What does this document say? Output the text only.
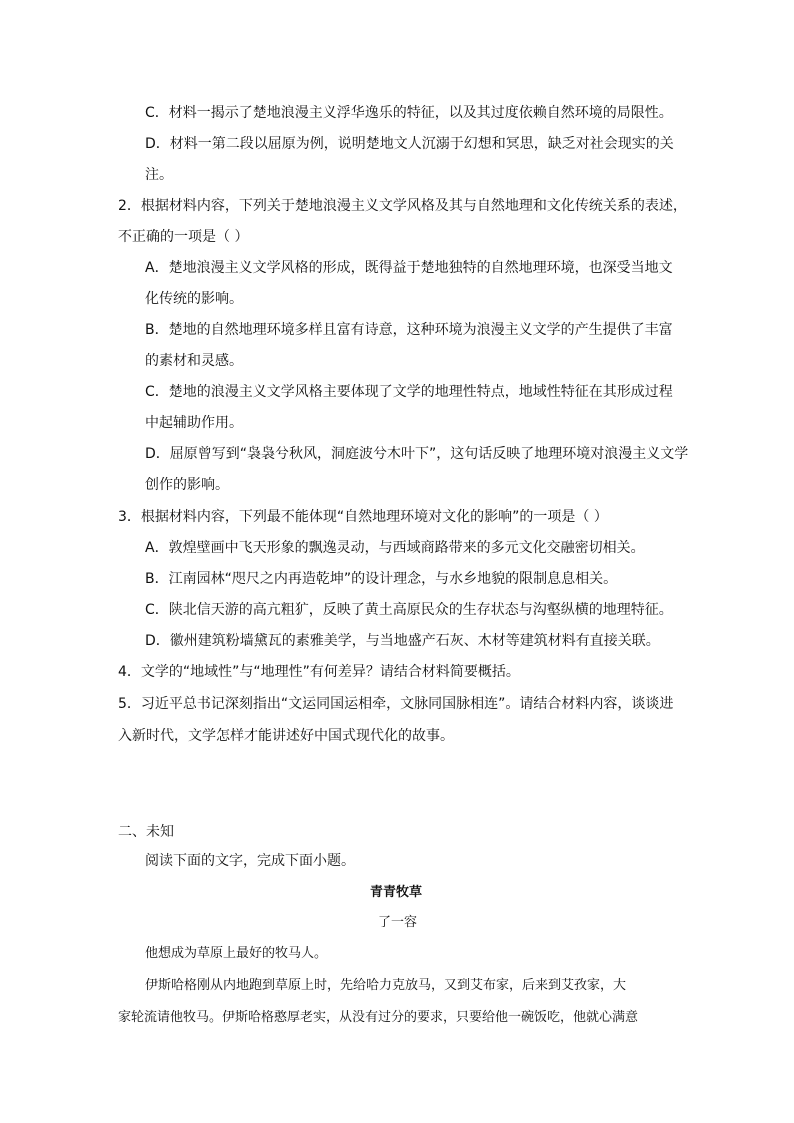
C．材料一揭示了楚地浪漫主义浮华逸乐的特征，以及其过度依赖自然环境的局限性。
D．材料一第二段以屈原为例，说明楚地文人沉溺于幻想和冥思，缺乏对社会现实的关
注。
2．根据材料内容，下列关于楚地浪漫主义文学风格及其与自然地理和文化传统关系的表述，
不正确的一项是（ ）
A．楚地浪漫主义文学风格的形成，既得益于楚地独特的自然地理环境，也深受当地文
化传统的影响。
B．楚地的自然地理环境多样且富有诗意，这种环境为浪漫主义文学的产生提供了丰富
的素材和灵感。
C．楚地的浪漫主义文学风格主要体现了文学的地理性特点，地域性特征在其形成过程
中起辅助作用。
D．屈原曾写到“袅袅兮秋风，洞庭波兮木叶下”，这句话反映了地理环境对浪漫主义文学
创作的影响。
3．根据材料内容，下列最不能体现“自然地理环境对文化的影响”的一项是（ ）
A．敦煌壁画中飞天形象的飘逸灵动，与西域商路带来的多元文化交融密切相关。
B．江南园林“咫尺之内再造乾坤”的设计理念，与水乡地貌的限制息息相关。
C．陕北信天游的高亢粗犷，反映了黄土高原民众的生存状态与沟壑纵横的地理特征。
D．徽州建筑粉墙黛瓦的素雅美学，与当地盛产石灰、木材等建筑材料有直接关联。
4．文学的“地域性”与“地理性”有何差异？请结合材料简要概括。
5．习近平总书记深刻指出“文运同国运相牵，文脉同国脉相连”。请结合材料内容，谈谈进
入新时代，文学怎样才能讲述好中国式现代化的故事。
二、未知
阅读下面的文字，完成下面小题。
青青牧草
了一容
他想成为草原上最好的牧马人。
伊斯哈格刚从内地跑到草原上时，先给哈力克放马，又到艾布家，后来到艾孜家，大
家轮流请他牧马。伊斯哈格憨厚老实，从没有过分的要求，只要给他一碗饭吃，他就心满意
